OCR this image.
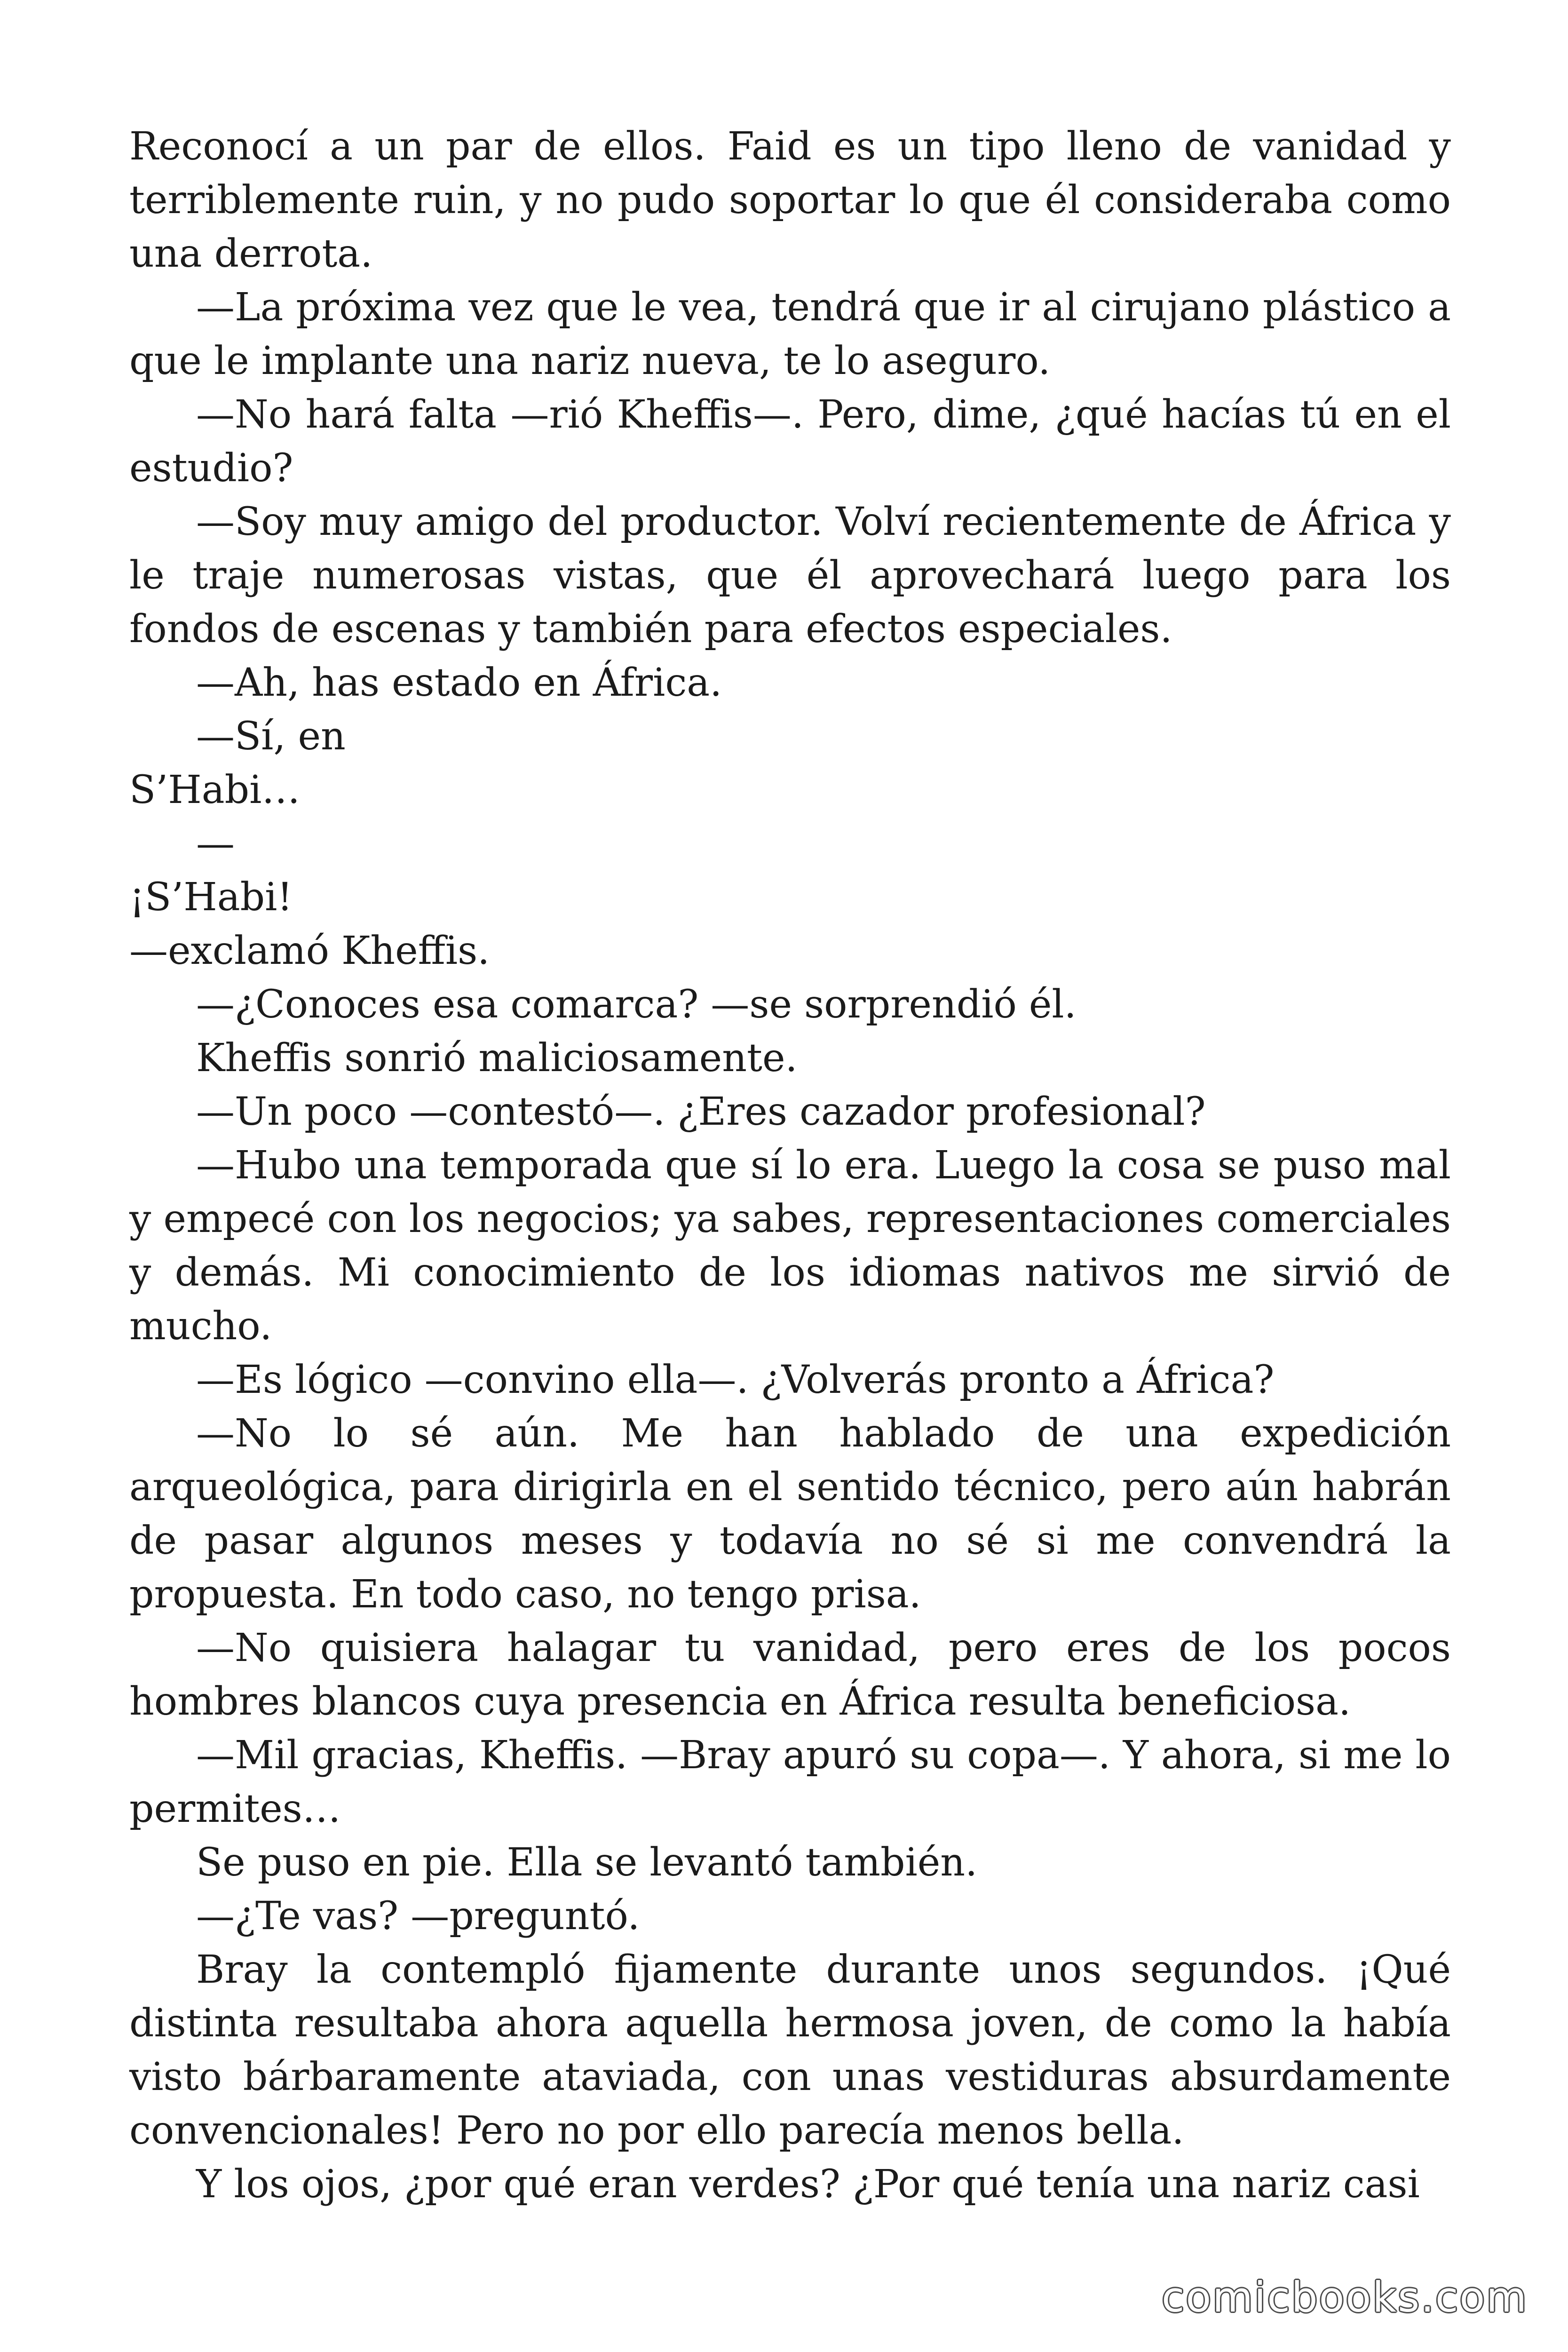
Reconocí a un par de ellos. Faid es un tipo lleno de vanidad y terriblemente ruin, y no pudo soportar lo que él consideraba como una derrota.

—La próxima vez que le vea, tendrá que ir al cirujano plástico a que le implante una nariz nueva, te lo aseguro.

—No hará falta —rió Kheffis—. Pero, dime, ¿qué hacías tú en el estudio?

—Soy muy amigo del productor. Volví recientemente de África y le traje numerosas vistas, que él aprovechará luego para los fondos de escenas y también para efectos especiales.

—Ah, has estado en África.

—Sí, en

S’Habi…

—

¡S’Habi!

—exclamó Kheffis.

—¿Conoces esa comarca? —se sorprendió él.

Kheffis sonrió maliciosamente.

—Un poco —contestó—. ¿Eres cazador profesional?

—Hubo una temporada que sí lo era. Luego la cosa se puso mal y empecé con los negocios; ya sabes, representaciones comerciales y demás. Mi conocimiento de los idiomas nativos me sirvió de mucho.

—Es lógico —convino ella—. ¿Volverás pronto a África?

—No lo sé aún. Me han hablado de una expedición arqueológica, para dirigirla en el sentido técnico, pero aún habrán de pasar algunos meses y todavía no sé si me convendrá la propuesta. En todo caso, no tengo prisa.

—No quisiera halagar tu vanidad, pero eres de los pocos hombres blancos cuya presencia en África resulta beneficiosa.

—Mil gracias, Kheffis. —Bray apuró su copa—. Y ahora, si me lo permites…

Se puso en pie. Ella se levantó también.

—¿Te vas? —preguntó.

Bray la contempló fijamente durante unos segundos. ¡Qué distinta resultaba ahora aquella hermosa joven, de como la había visto bárbaramente ataviada, con unas vestiduras absurdamente convencionales! Pero no por ello parecía menos bella.

Y los ojos, ¿por qué eran verdes? ¿Por qué tenía una nariz casi

comicbooks.com
